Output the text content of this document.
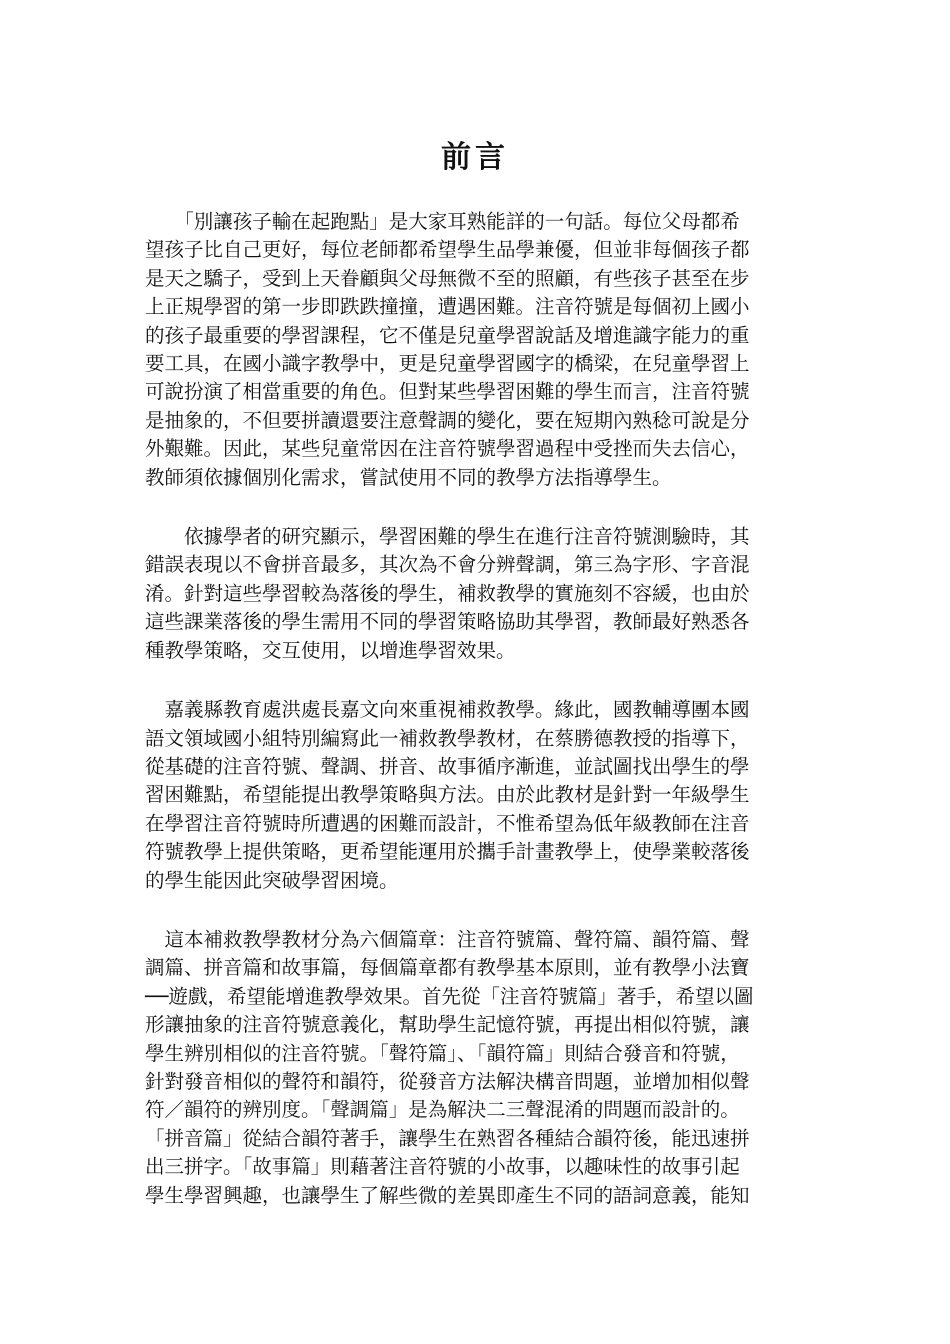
前言

　　「別讓孩子輸在起跑點」是大家耳熟能詳的一句話。每位父母都希
望孩子比自己更好，每位老師都希望學生品學兼優，但並非每個孩子都
是天之驕子，受到上天眷顧與父母無微不至的照顧，有些孩子甚至在步
上正規學習的第一步即跌跌撞撞，遭遇困難。注音符號是每個初上國小
的孩子最重要的學習課程，它不僅是兒童學習說話及增進識字能力的重
要工具，在國小識字教學中，更是兒童學習國字的橋梁，在兒童學習上
可說扮演了相當重要的角色。但對某些學習困難的學生而言，注音符號
是抽象的，不但要拼讀還要注意聲調的變化，要在短期內熟稔可說是分
外艱難。因此，某些兒童常因在注音符號學習過程中受挫而失去信心，
教師須依據個別化需求，嘗試使用不同的教學方法指導學生。

　　依據學者的研究顯示，學習困難的學生在進行注音符號測驗時，其
錯誤表現以不會拼音最多，其次為不會分辨聲調，第三為字形、字音混
淆。針對這些學習較為落後的學生，補救教學的實施刻不容緩，也由於
這些課業落後的學生需用不同的學習策略協助其學習，教師最好熟悉各
種教學策略，交互使用，以增進學習效果。

　嘉義縣教育處洪處長嘉文向來重視補救教學。緣此，國教輔導團本國
語文領域國小組特別編寫此一補救教學教材，在蔡勝德教授的指導下，
從基礎的注音符號、聲調、拼音、故事循序漸進，並試圖找出學生的學
習困難點，希望能提出教學策略與方法。由於此教材是針對一年級學生
在學習注音符號時所遭遇的困難而設計，不惟希望為低年級教師在注音
符號教學上提供策略，更希望能運用於攜手計畫教學上，使學業較落後
的學生能因此突破學習困境。

　這本補救教學教材分為六個篇章：注音符號篇、聲符篇、韻符篇、聲
調篇、拼音篇和故事篇，每個篇章都有教學基本原則，並有教學小法寶
──遊戲，希望能增進教學效果。首先從「注音符號篇」著手，希望以圖
形讓抽象的注音符號意義化，幫助學生記憶符號，再提出相似符號，讓
學生辨別相似的注音符號。「聲符篇」、「韻符篇」則結合發音和符號，
針對發音相似的聲符和韻符，從發音方法解決構音問題，並增加相似聲
符／韻符的辨別度。「聲調篇」是為解決二三聲混淆的問題而設計的。
「拼音篇」從結合韻符著手，讓學生在熟習各種結合韻符後，能迅速拼
出三拼字。「故事篇」則藉著注音符號的小故事，以趣味性的故事引起
學生學習興趣，也讓學生了解些微的差異即產生不同的語詞意義，能知
